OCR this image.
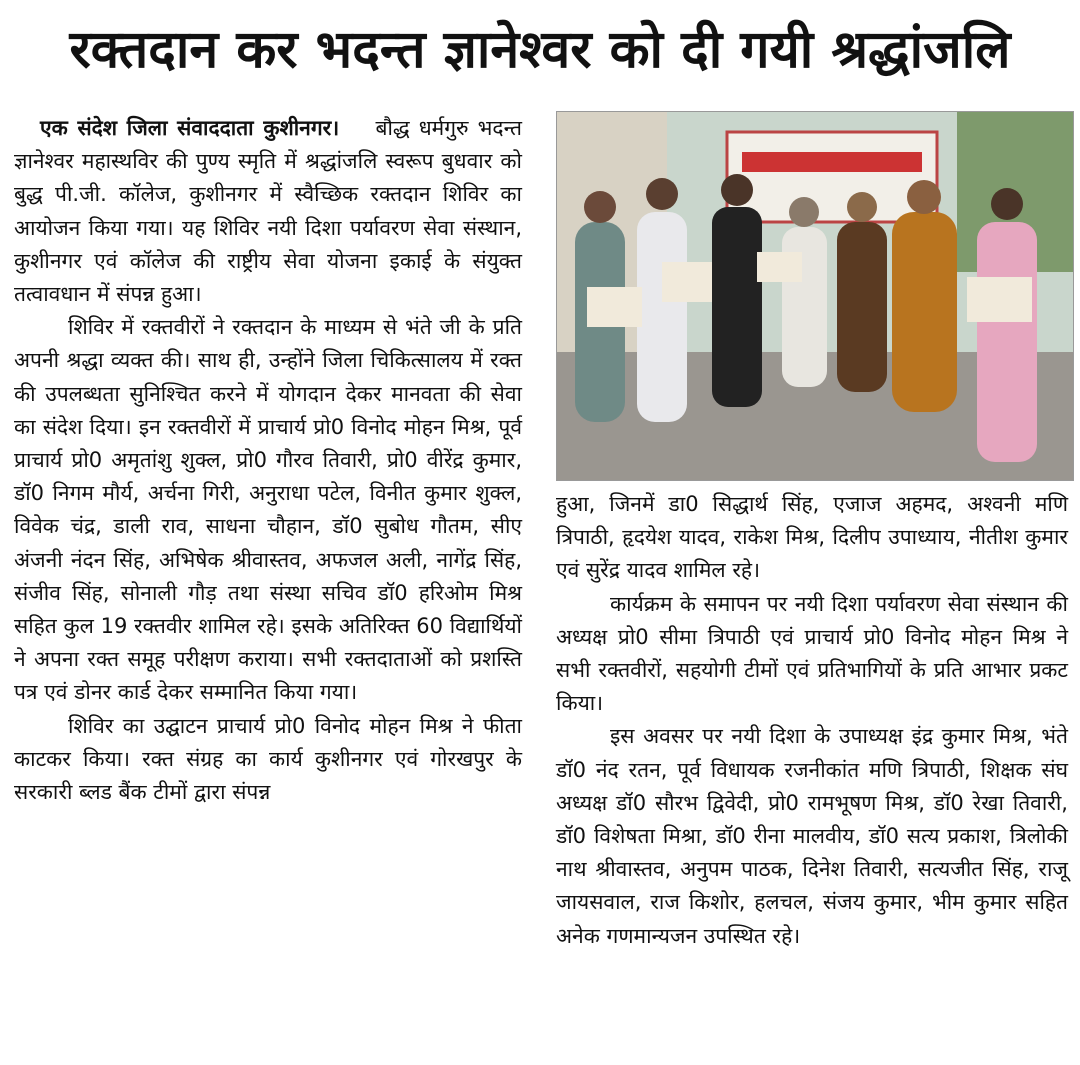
रक्तदान कर भदन्त ज्ञानेश्वर को दी गयी श्रद्धांजलि

एक संदेश जिला संवाददाता कुशीनगर। बौद्ध धर्मगुरु भदन्त ज्ञानेश्वर महास्थविर की पुण्य स्मृति में श्रद्धांजलि स्वरूप बुधवार को बुद्ध पी.जी. कॉलेज, कुशीनगर में स्वैच्छिक रक्तदान शिविर का आयोजन किया गया। यह शिविर नयी दिशा पर्यावरण सेवा संस्थान, कुशीनगर एवं कॉलेज की राष्ट्रीय सेवा योजना इकाई के संयुक्त तत्वावधान में संपन्न हुआ।

शिविर में रक्तवीरों ने रक्तदान के माध्यम से भंते जी के प्रति अपनी श्रद्धा व्यक्त की। साथ ही, उन्होंने जिला चिकित्सालय में रक्त की उपलब्धता सुनिश्चित करने में योगदान देकर मानवता की सेवा का संदेश दिया। इन रक्तवीरों में प्राचार्य प्रो0 विनोद मोहन मिश्र, पूर्व प्राचार्य प्रो0 अमृतांशु शुक्ल, प्रो0 गौरव तिवारी, प्रो0 वीरेंद्र कुमार, डॉ0 निगम मौर्य, अर्चना गिरी, अनुराधा पटेल, विनीत कुमार शुक्ल, विवेक चंद्र, डाली राव, साधना चौहान, डॉ0 सुबोध गौतम, सीए अंजनी नंदन सिंह, अभिषेक श्रीवास्तव, अफजल अली, नागेंद्र सिंह, संजीव सिंह, सोनाली गौड़ तथा संस्था सचिव डॉ0 हरिओम मिश्र सहित कुल 19 रक्तवीर शामिल रहे। इसके अतिरिक्त 60 विद्यार्थियों ने अपना रक्त समूह परीक्षण कराया। सभी रक्तदाताओं को प्रशस्ति पत्र एवं डोनर कार्ड देकर सम्मानित किया गया।

शिविर का उद्घाटन प्राचार्य प्रो0 विनोद मोहन मिश्र ने फीता काटकर किया। रक्त संग्रह का कार्य कुशीनगर एवं गोरखपुर के सरकारी ब्लड बैंक टीमों द्वारा संपन्न

हुआ, जिनमें डा0 सिद्धार्थ सिंह, एजाज अहमद, अश्वनी मणि त्रिपाठी, हृदयेश यादव, राकेश मिश्र, दिलीप उपाध्याय, नीतीश कुमार एवं सुरेंद्र यादव शामिल रहे।

कार्यक्रम के समापन पर नयी दिशा पर्यावरण सेवा संस्थान की अध्यक्ष प्रो0 सीमा त्रिपाठी एवं प्राचार्य प्रो0 विनोद मोहन मिश्र ने सभी रक्तवीरों, सहयोगी टीमों एवं प्रतिभागियों के प्रति आभार प्रकट किया।

इस अवसर पर नयी दिशा के उपाध्यक्ष इंद्र कुमार मिश्र, भंते डॉ0 नंद रतन, पूर्व विधायक रजनीकांत मणि त्रिपाठी, शिक्षक संघ अध्यक्ष डॉ0 सौरभ द्विवेदी, प्रो0 रामभूषण मिश्र, डॉ0 रेखा तिवारी, डॉ0 विशेषता मिश्रा, डॉ0 रीना मालवीय, डॉ0 सत्य प्रकाश, त्रिलोकी नाथ श्रीवास्तव, अनुपम पाठक, दिनेश तिवारी, सत्यजीत सिंह, राजू जायसवाल, राज किशोर, हलचल, संजय कुमार, भीम कुमार सहित अनेक गणमान्यजन उपस्थित रहे।
